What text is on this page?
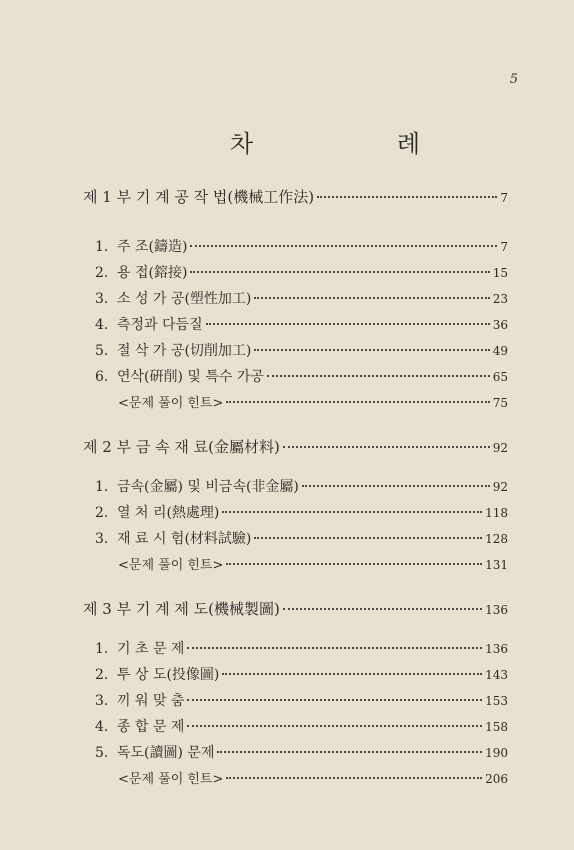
5
차 례
제 1 부 기 계 공 작 법(機械工作法)	7
1. 주 조(鑄造)	7
2. 용 접(鎔接)	15
3. 소 성 가 공(塑性加工)	23
4. 측정과 다듬질	36
5. 절 삭 가 공(切削加工)	49
6. 연삭(硏削) 및 특수 가공	65
<문제 풀이 힌트>	75
제 2 부 금 속 재 료(金屬材料)	92
1. 금속(金屬) 및 비금속(非金屬)	92
2. 열 처 리(熱處理)	118
3. 재 료 시 험(材料試驗)	128
<문제 풀이 힌트>	131
제 3 부 기 계 제 도(機械製圖)	136
1. 기 초 문 제	136
2. 투 상 도(投像圖)	143
3. 끼 워 맞 춤	153
4. 종 합 문 제	158
5. 독도(讀圖) 문제	190
<문제 풀이 힌트>	206
